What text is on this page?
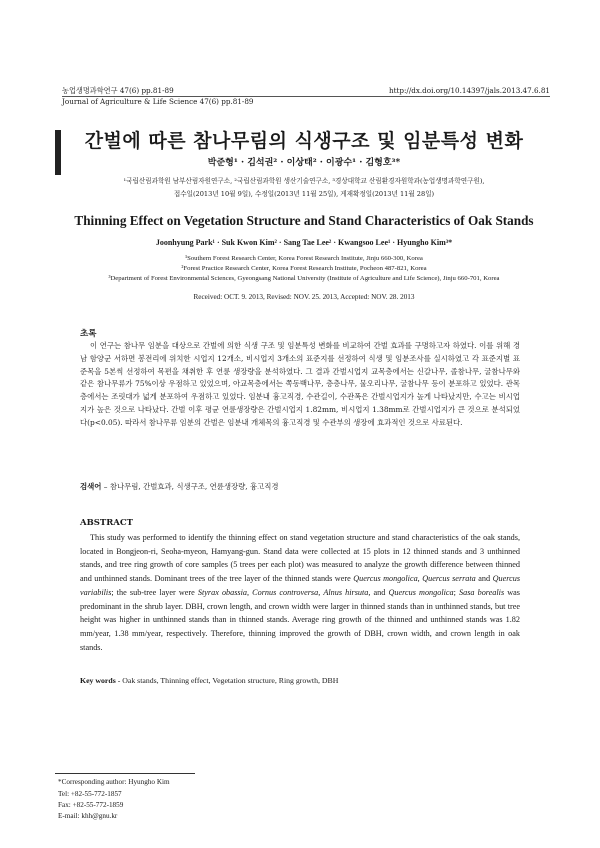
농업생명과학연구 47(6) pp.81-89	http://dx.doi.org/10.14397/jals.2013.47.6.81
Journal of Agriculture & Life Science 47(6) pp.81-89
간벌에 따른 참나무림의 식생구조 및 임분특성 변화
박준형¹ · 김석권² · 이상태² · 이광수¹ · 김형호³*
¹국립산림과학원 남부산림자원연구소, ²국립산림과학원 생산기술연구소, ³경상대학교 산림환경자원학과(농업생명과학연구원),
접수일(2013년 10월 9일), 수정일(2013년 11월 25일), 게재확정일(2013년 11월 28일)
Thinning Effect on Vegetation Structure and Stand Characteristics of Oak Stands
Joonhyung Park¹ · Suk Kwon Kim² · Sang Tae Lee² · Kwangsoo Lee¹ · Hyungho Kim³*
¹Southern Forest Research Center, Korea Forest Research Institute, Jinju 660-300, Korea
²Forest Practice Research Center, Korea Forest Research Institute, Pocheon 487-821, Korea
³Department of Forest Environmental Sciences, Gyeongsang National University (Institute of Agriculture and Life Science), Jinju 660-701, Korea
Received: OCT. 9. 2013, Revised: NOV. 25. 2013, Accepted: NOV. 28. 2013
초록

이 연구는 참나무 임분을 대상으로 간벌에 의한 식생 구조 및 임분특성 변화를 비교하여 간벌 효과를 구명하고자 하였다. 이를 위해 경남 함양군 서하면 봉전리에 위치한 시업지 12개소, 비시업지 3개소의 표준지를 선정하여 식생 및 임분조사를 실시하였고 각 표준지별 표준목을 5본씩 선정하여 목편을 채취한 후 연륜 생장량을 분석하였다. 그 결과 간벌시업지 교목층에서는 신갈나무, 졸참나무, 굴참나무와 같은 참나무류가 75%이상 우점하고 있었으며, 아교목층에서는 쪽동백나무, 층층나무, 물오리나무, 굴참나무 등이 분포하고 있었다. 관목층에서는 조릿대가 넓게 분포하여 우점하고 있었다. 임분내 흉고직경, 수관길이, 수관폭은 간벌시업지가 높게 나타났지만, 수고는 비시업지가 높은 것으로 나타났다. 간벌 이후 평균 연륜생장량은 간벌시업지 1.82mm, 비시업지 1.38mm로 간벌시업지가 큰 것으로 분석되었다(p<0.05). 따라서 참나무류 임분의 간벌은 임분내 개체목의 흉고직경 및 수관부의 생장에 효과적인 것으로 사료된다.

검색어 – 참나무림, 간벌효과, 식생구조, 연륜생장량, 흉고직경
ABSTRACT

This study was performed to identify the thinning effect on stand vegetation structure and stand characteristics of the oak stands, located in Bongjeon-ri, Seoha-myeon, Hamyang-gun. Stand data were collected at 15 plots in 12 thinned stands and 3 unthinned stands, and tree ring growth of core samples (5 trees per each plot) was measured to analyze the growth difference between thinned and unthinned stands. Dominant trees of the tree layer of the thinned stands were Quercus mongolica, Quercus serrata and Quercus variabilis; the sub-tree layer were Styrax obassia, Cornus controversa, Alnus hirsuta, and Quercus mongolica; Sasa borealis was predominant in the shrub layer. DBH, crown length, and crown width were larger in thinned stands than in unthinned stands, but tree height was higher in unthinned stands than in thinned stands. Average ring growth of the thinned and unthinned stands was 1.82 mm/year, 1.38 mm/year, respectively. Therefore, thinning improved the growth of DBH, crown width, and crown length in oak stands.

Key words - Oak stands, Thinning effect, Vegetation structure, Ring growth, DBH
*Corresponding author: Hyungho Kim
Tel: +82-55-772-1857
Fax: +82-55-772-1859
E-mail: khh@gnu.kr
